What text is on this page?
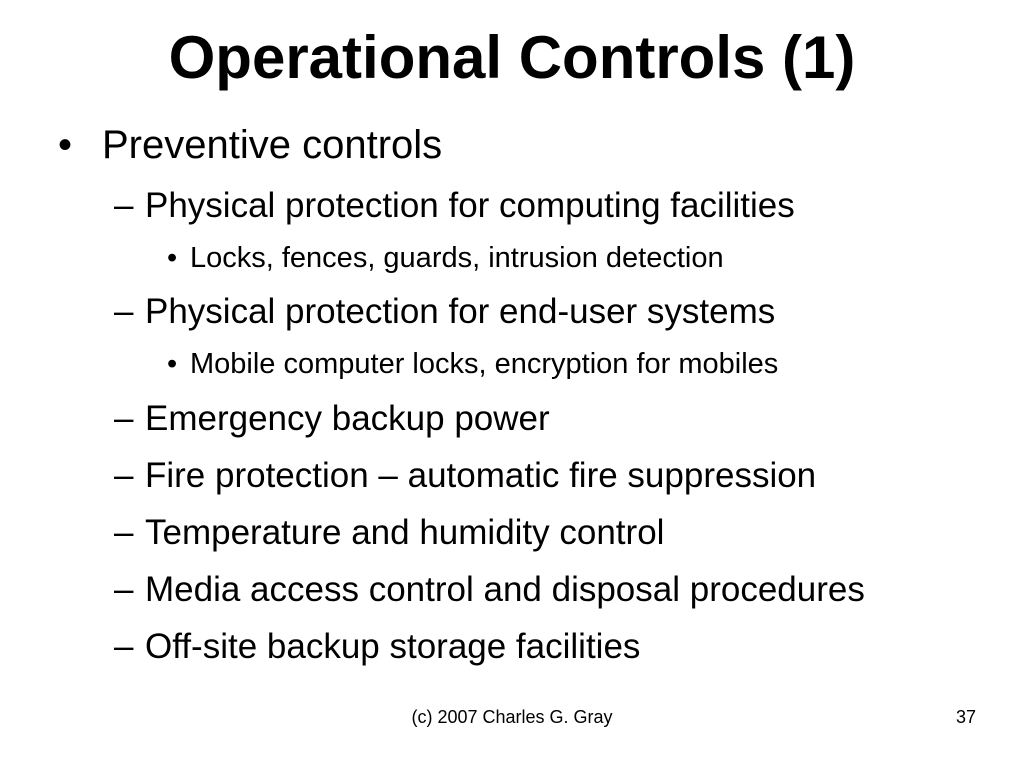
Operational Controls (1)
• Preventive controls
– Physical protection for computing facilities
• Locks, fences, guards, intrusion detection
– Physical protection for end-user systems
• Mobile computer locks, encryption for mobiles
– Emergency backup power
– Fire protection – automatic fire suppression
– Temperature and humidity control
– Media access control and disposal procedures
– Off-site backup storage facilities
(c) 2007 Charles G. Gray	37
